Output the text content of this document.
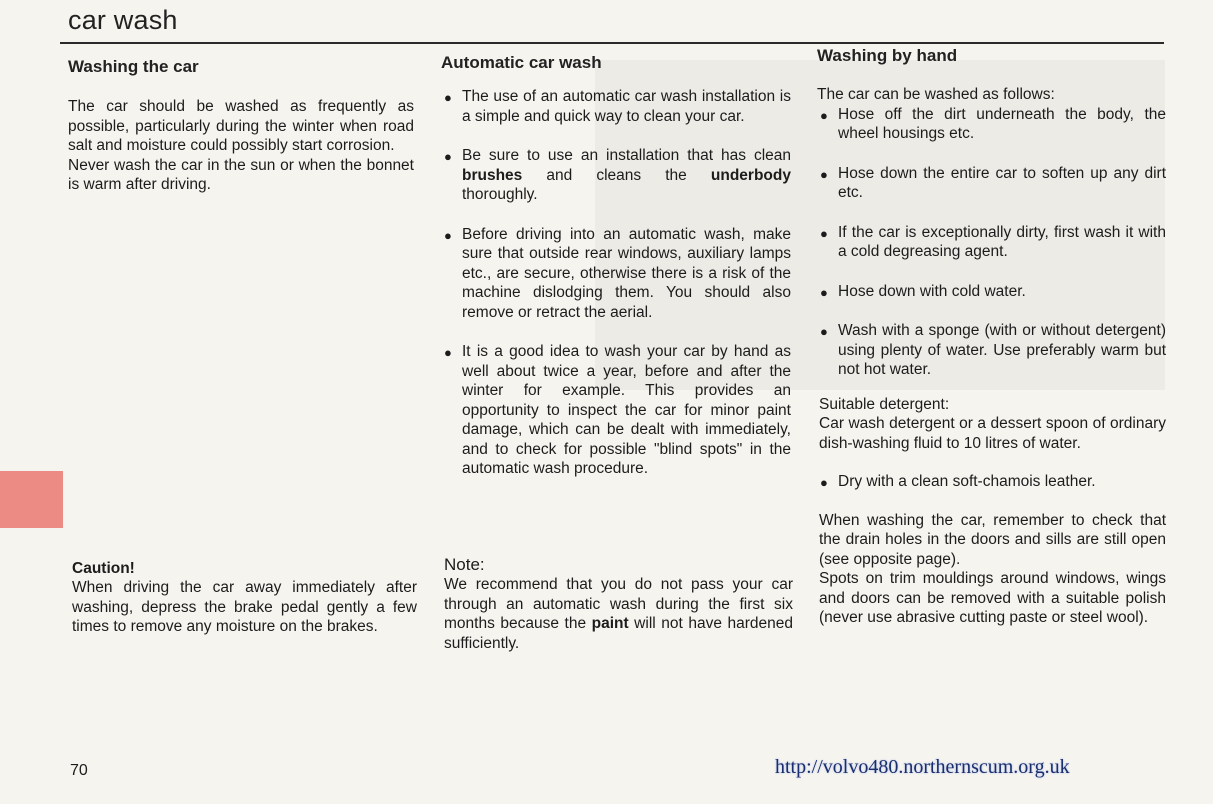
car wash
Washing the car

The car should be washed as frequently as possible, particularly during the winter when road salt and moisture could possibly start corrosion.

Never wash the car in the sun or when the bonnet is warm after driving.

Caution!

When driving the car away immediately after washing, depress the brake pedal gently a few times to remove any moisture on the brakes.

Automatic car wash
● The use of an automatic car wash installation is a simple and quick way to clean your car.
● Be sure to use an installation that has clean brushes and cleans the underbody thoroughly.
● Before driving into an automatic wash, make sure that outside rear windows, auxiliary lamps etc., are secure, otherwise there is a risk of the machine dislodging them. You should also remove or retract the aerial.
● It is a good idea to wash your car by hand as well about twice a year, before and after the winter for example. This provides an opportunity to inspect the car for minor paint damage, which can be dealt with immediately, and to check for possible "blind spots" in the automatic wash procedure.
Note:

We recommend that you do not pass your car through an automatic wash during the first six months because the paint will not have hardened sufficiently.

Washing by hand

The car can be washed as follows:

● Hose off the dirt underneath the body, the wheel housings etc.
● Hose down the entire car to soften up any dirt etc.
● If the car is exceptionally dirty, first wash it with a cold degreasing agent.
● Hose down with cold water.
● Wash with a sponge (with or without detergent) using plenty of water. Use preferably warm but not hot water.

Suitable detergent:

Car wash detergent or a dessert spoon of ordinary dish-washing fluid to 10 litres of water.

● Dry with a clean soft-chamois leather.

When washing the car, remember to check that the drain holes in the doors and sills are still open (see opposite page).

Spots on trim mouldings around windows, wings and doors can be removed with a suitable polish (never use abrasive cutting paste or steel wool).

70	http://volvo480.northernscum.org.uk
